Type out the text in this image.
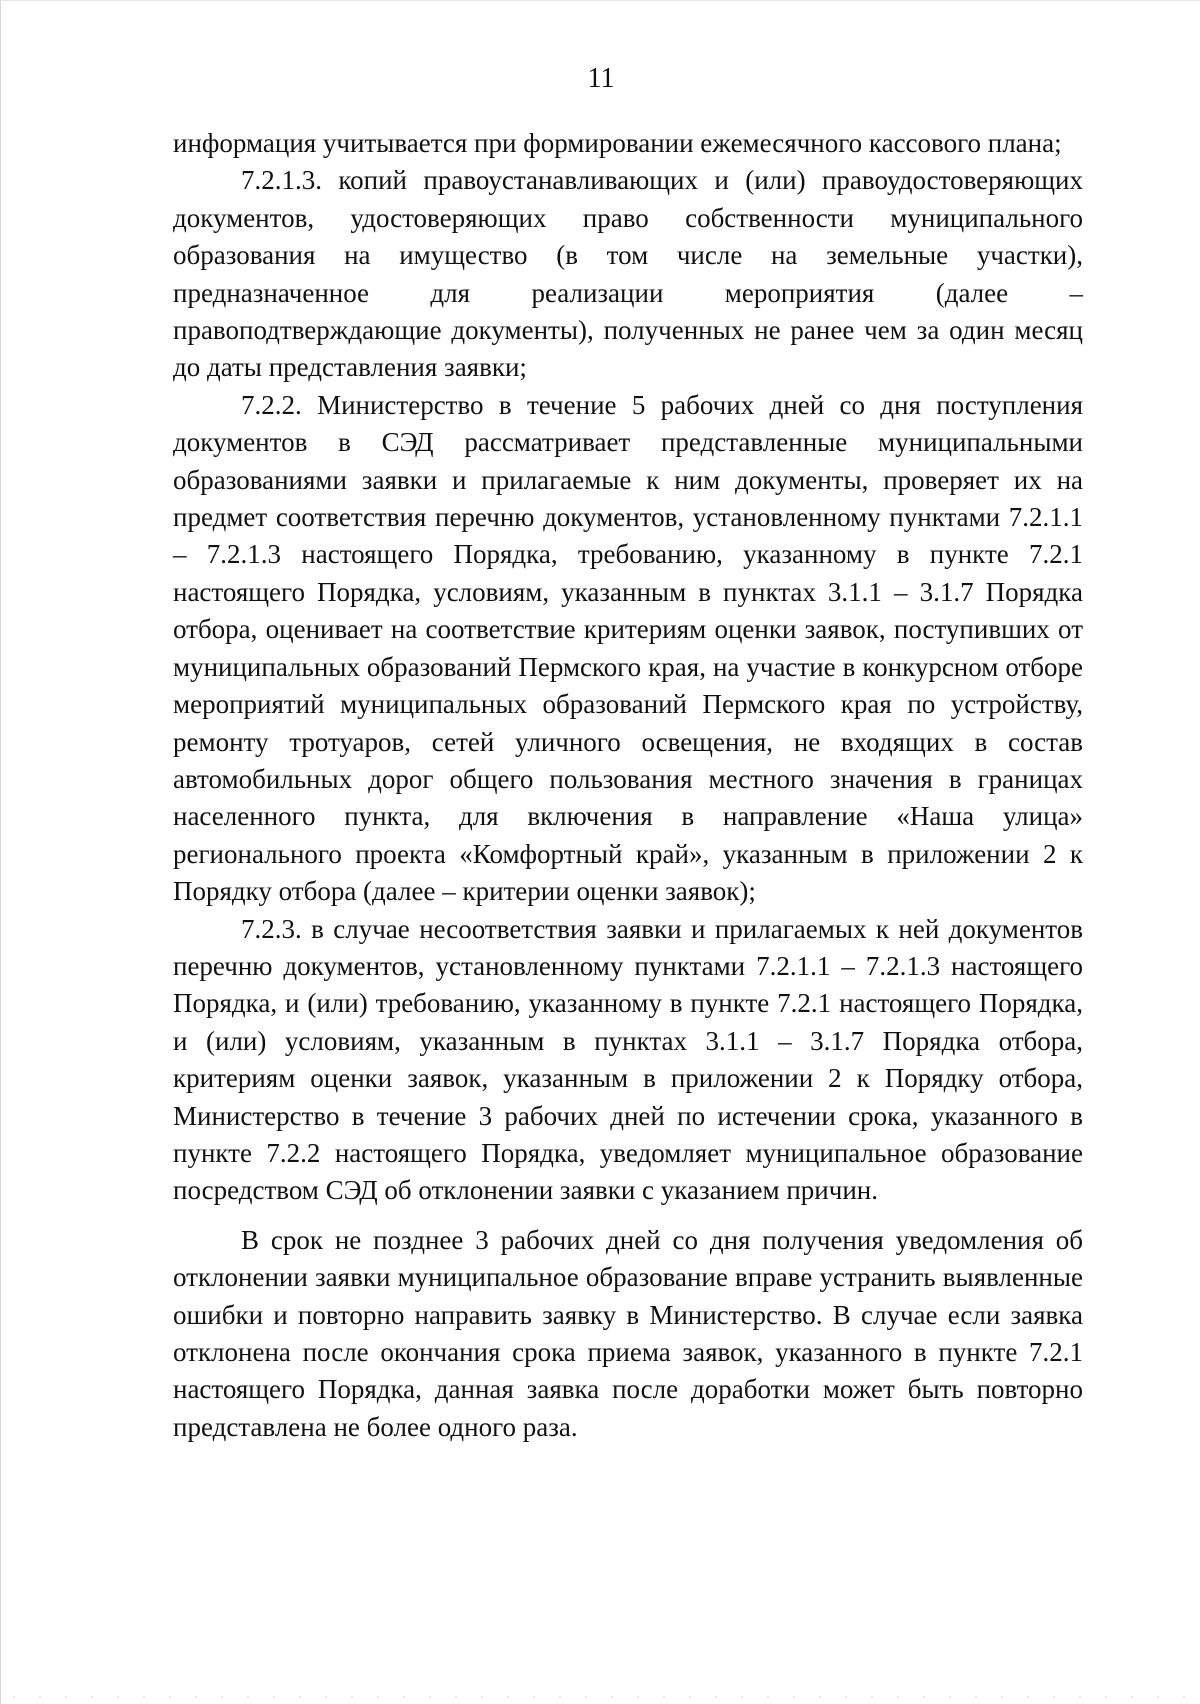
11

информация учитывается при формировании ежемесячного кассового плана;

7.2.1.3. копий правоустанавливающих и (или) правоудостоверяющих документов, удостоверяющих право собственности муниципального образования на имущество (в том числе на земельные участки), предназначенное для реализации мероприятия (далее – правоподтверждающие документы), полученных не ранее чем за один месяц до даты представления заявки;

7.2.2. Министерство в течение 5 рабочих дней со дня поступления документов в СЭД рассматривает представленные муниципальными образованиями заявки и прилагаемые к ним документы, проверяет их на предмет соответствия перечню документов, установленному пунктами 7.2.1.1 – 7.2.1.3 настоящего Порядка, требованию, указанному в пункте 7.2.1 настоящего Порядка, условиям, указанным в пунктах 3.1.1 – 3.1.7 Порядка отбора, оценивает на соответствие критериям оценки заявок, поступивших от муниципальных образований Пермского края, на участие в конкурсном отборе мероприятий муниципальных образований Пермского края по устройству, ремонту тротуаров, сетей уличного освещения, не входящих в состав автомобильных дорог общего пользования местного значения в границах населенного пункта, для включения в направление «Наша улица» регионального проекта «Комфортный край», указанным в приложении 2 к Порядку отбора (далее – критерии оценки заявок);

7.2.3. в случае несоответствия заявки и прилагаемых к ней документов перечню документов, установленному пунктами 7.2.1.1 – 7.2.1.3 настоящего Порядка, и (или) требованию, указанному в пункте 7.2.1 настоящего Порядка, и (или) условиям, указанным в пунктах 3.1.1 – 3.1.7 Порядка отбора, критериям оценки заявок, указанным в приложении 2 к Порядку отбора, Министерство в течение 3 рабочих дней по истечении срока, указанного в пункте 7.2.2 настоящего Порядка, уведомляет муниципальное образование посредством СЭД об отклонении заявки с указанием причин.

В срок не позднее 3 рабочих дней со дня получения уведомления об отклонении заявки муниципальное образование вправе устранить выявленные ошибки и повторно направить заявку в Министерство. В случае если заявка отклонена после окончания срока приема заявок, указанного в пункте 7.2.1 настоящего Порядка, данная заявка после доработки может быть повторно представлена не более одного раза.
